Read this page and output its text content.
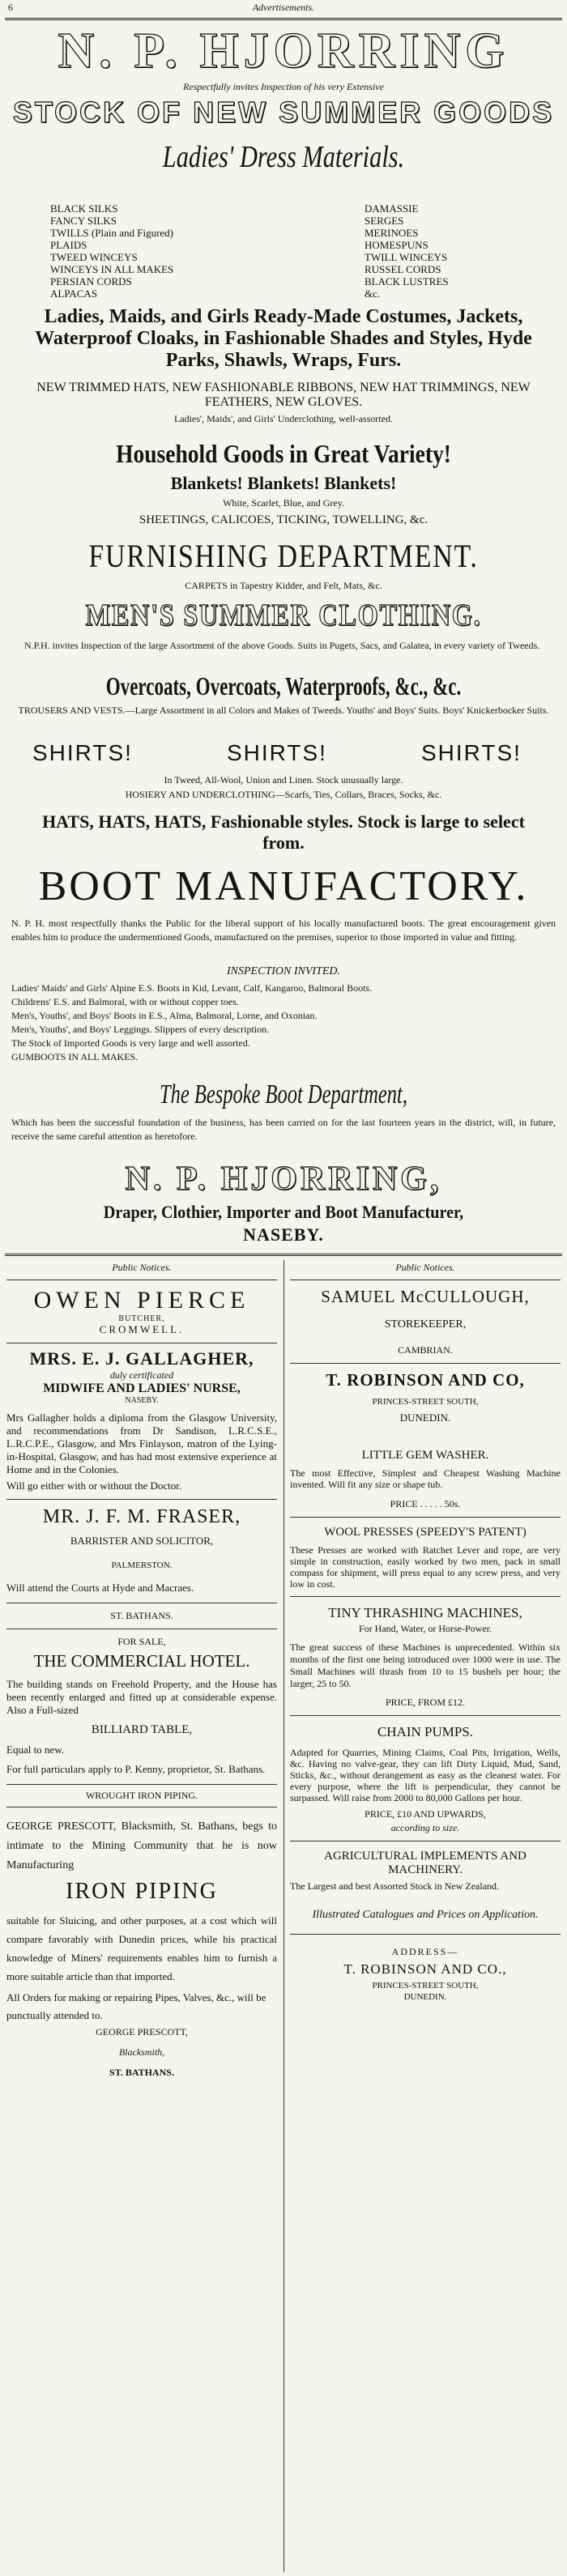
6	Advertisements.
N. P. HJORRING
Respectfully invites Inspection of his very Extensive
STOCK OF NEW SUMMER GOODS
Ladies' Dress Materials.
BLACK SILKS
FANCY SILKS
TWILLS (Plain and Figured)
PLAIDS
TWEED WINCEYS
WINCEYS IN ALL MAKES
PERSIAN CORDS
ALPACAS
DAMASSIE
SERGES
MERINOES
HOMESPUNS
TWILL WINCEYS
RUSSEL CORDS
BLACK LUSTRES
&c.
Ladies, Maids, and Girls Ready-Made Costumes, Jackets, Waterproof Cloaks, in Fashionable Shades and Styles, Hyde Parks, Shawls, Wraps, Furs.
NEW TRIMMED HATS, NEW FASHIONABLE RIBBONS, NEW HAT TRIMMINGS, NEW FEATHERS, NEW GLOVES.
Ladies', Maids', and Girls' Underclothing, well-assorted.
Household Goods in Great Variety!
Blankets! Blankets! Blankets!
White, Scarlet, Blue, and Grey.
SHEETINGS, CALICOES, TICKING, TOWELLING, &c.
FURNISHING DEPARTMENT.
CARPETS in Tapestry Kidder, and Felt, Mats, &c.
MEN'S SUMMER CLOTHING.
N.P.H. invites Inspection of the large Assortment of the above Goods. Suits in Pugets, Sacs, and Galatea, in every variety of Tweeds.
Overcoats, Overcoats, Waterproofs, &c., &c.
TROUSERS AND VESTS.—Large Assortment in all Colors and Makes of Tweeds. Youths' and Boys' Suits. Boys' Knickerbocker Suits.
SHIRTS!	SHIRTS!	SHIRTS!
In Tweed, All-Wool, Union and Linen. Stock unusually large.
HOSIERY AND UNDERCLOTHING—Scarfs, Ties, Collars, Braces, Socks, &c.
HATS, HATS, HATS, Fashionable styles. Stock is large to select from.
BOOT MANUFACTORY.
N. P. H. most respectfully thanks the Public for the liberal support of his locally manufactured boots. The great encouragement given enables him to produce the undermentioned Goods, manufactured on the premises, superior to those imported in value and fitting.
INSPECTION INVITED.
Ladies' Maids' and Girls' Alpine E.S. Boots in Kid, Levant, Calf, Kangaroo, Balmoral Boots.
Childrens' E.S. and Balmoral, with or without copper toes.
Men's, Youths', and Boys' Boots in E.S., Alma, Balmoral, Lorne, and Oxonian.
Men's, Youths', and Boys' Leggings. Slippers of every description.
The Stock of Imported Goods is very large and well assorted.
GUMBOOTS IN ALL MAKES.
The Bespoke Boot Department,
Which has been the successful foundation of the business, has been carried on for the last fourteen years in the district, will, in future, receive the same careful attention as heretofore.
N. P. HJORRING,
Draper, Clothier, Importer and Boot Manufacturer,
NASEBY.
Public Notices.
OWEN PIERCE
BUTCHER,
CROMWELL.
MRS. E. J. GALLAGHER,
duly certificated
MIDWIFE AND LADIES' NURSE,
NASEBY.
Mrs Gallagher holds a diploma from the Glasgow University, and recommendations from Dr Sandison, L.R.C.S.E., L.R.C.P.E., Glasgow, and Mrs Finlayson, matron of the Lying-in-Hospital, Glasgow, and has had most extensive experience at Home and in the Colonies.
Will go either with or without the Doctor.
MR. J. F. M. FRASER,
BARRISTER AND SOLICITOR,
PALMERSTON.
Will attend the Courts at Hyde and Macraes.
ST. BATHANS.
FOR SALE,
THE COMMERCIAL HOTEL.
The building stands on Freehold Property, and the House has been recently enlarged and fitted up at considerable expense. Also a Full-sized
BILLIARD TABLE,
Equal to new.
For full particulars apply to P. Kenny, proprietor, St. Bathans.
WROUGHT IRON PIPING.
GEORGE PRESCOTT, Blacksmith, St. Bathans, begs to intimate to the Mining Community that he is now Manufacturing
IRON PIPING
suitable for Sluicing, and other purposes, at a cost which will compare favorably with Dunedin prices, while his practical knowledge of Miners' requirements enables him to furnish a more suitable article than that imported.
All Orders for making or repairing Pipes, Valves, &c., will be punctually attended to.
GEORGE PRESCOTT,
Blacksmith,
ST. BATHANS.
Public Notices.
SAMUEL McCULLOUGH,
STOREKEEPER,
CAMBRIAN.
T. ROBINSON AND CO,
PRINCES-STREET SOUTH,
DUNEDIN.
LITTLE GEM WASHER.
The most Effective, Simplest and Cheapest Washing Machine invented. Will fit any size or shape tub.
PRICE . . . . . 50s.
WOOL PRESSES (SPEEDY'S PATENT)
These Presses are worked with Ratchet Lever and rope, are very simple in construction, easily worked by two men, pack in small compass for shipment, will press equal to any screw press, and very low in cost.
TINY THRASHING MACHINES,
For Hand, Water, or Horse-Power.
The great success of these Machines is unprecedented. Within six months of the first one being introduced over 1000 were in use. The Small Machines will thrash from 10 to 15 bushels per hour; the larger, 25 to 50.
PRICE, FROM £12.
CHAIN PUMPS.
Adapted for Quarries, Mining Claims, Coal Pits, Irrigation, Wells, &c. Having no valve-gear, they can lift Dirty Liquid, Mud, Sand, Sticks, &c., without derangement as easy as the cleanest water. For every purpose, where the lift is perpendicular, they cannot be surpassed. Will raise from 2000 to 80,000 Gallons per hour.
PRICE, £10 AND UPWARDS,
according to size.
AGRICULTURAL IMPLEMENTS AND MACHINERY.
The Largest and best Assorted Stock in New Zealand.
Illustrated Catalogues and Prices on Application.
ADDRESS—
T. ROBINSON AND CO.,
PRINCES-STREET SOUTH,
DUNEDIN.
